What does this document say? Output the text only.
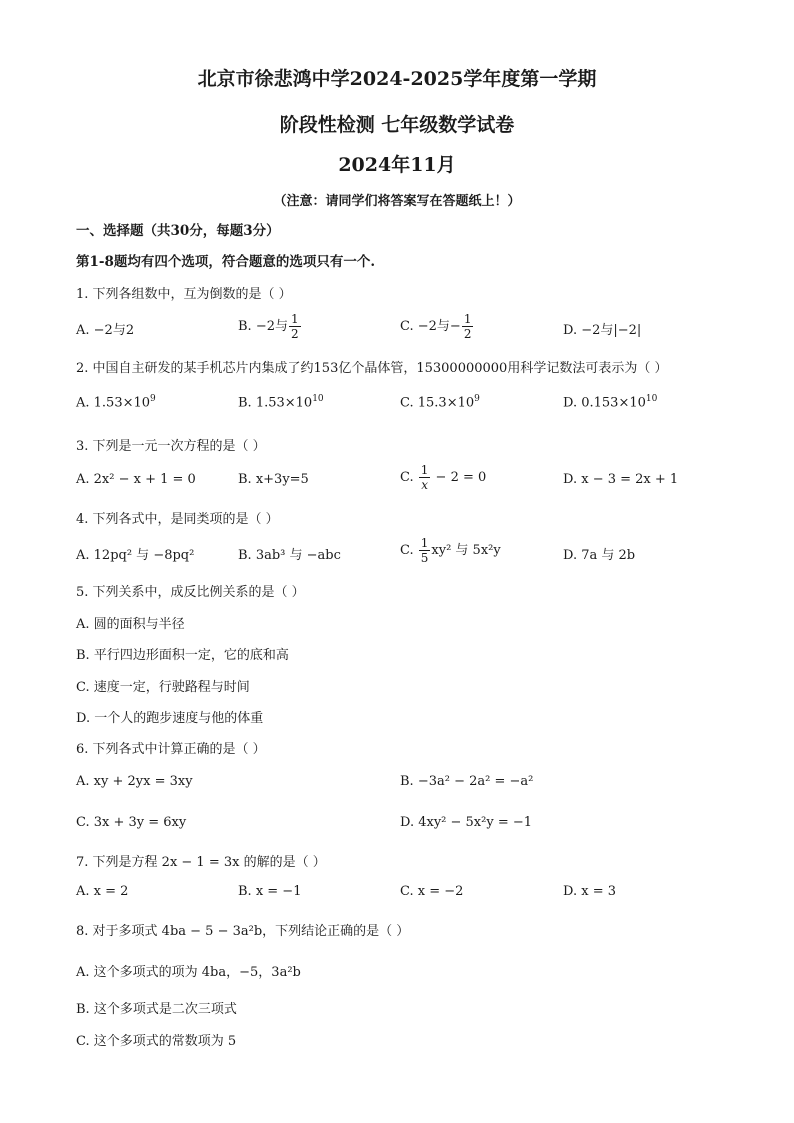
北京市徐悲鸿中学2024-2025学年度第一学期
阶段性检测 七年级数学试卷
2024年11月
（注意：请同学们将答案写在答题纸上！）
一、选择题（共30分，每题3分）
第1-8题均有四个选项，符合题意的选项只有一个.
1. 下列各组数中，互为倒数的是（ ）
A. −2与2	B. −2与 $\frac{1}{2}$	C. −2与− $\frac{1}{2}$	D. −2与|−2|
2. 中国自主研发的某手机芯片内集成了约153亿个晶体管，15300000000用科学记数法可表示为（ ）
A. $1.53\times 10^9$	B. $1.53\times 10^{10}$	C. $15.3\times 10^9$	D. $0.153\times 10^{10}$
3. 下列是一元一次方程的是（ ）
A. 2x² − x + 1 = 0	B. x+3y=5	C. $\frac{1}{x} - 2 = 0$	D. x − 3 = 2x + 1
4. 下列各式中，是同类项的是（ ）
A. 12pq² 与 −8pq²	B. 3ab³ 与 −abc	C. $\frac{1}{5} xy^2$ 与 5x²y	D. 7a 与 2b
5. 下列关系中，成反比例关系的是（ ）
A. 圆的面积与半径
B. 平行四边形面积一定，它的底和高
C. 速度一定，行驶路程与时间
D. 一个人的跑步速度与他的体重
6. 下列各式中计算正确的是（ ）
A. xy + 2yx = 3xy	B. −3a² − 2a² = −a²
C. 3x + 3y = 6xy	D. 4xy² − 5x²y = −1
7. 下列是方程 2x − 1 = 3x 的解的是（ ）
A. x = 2	B. x = −1	C. x = −2	D. x = 3
8. 对于多项式 4ba − 5 − 3a²b，下列结论正确的是（ ）
A. 这个多项式的项为 4ba，−5，3a²b
B. 这个多项式是二次三项式
C. 这个多项式的常数项为 5
